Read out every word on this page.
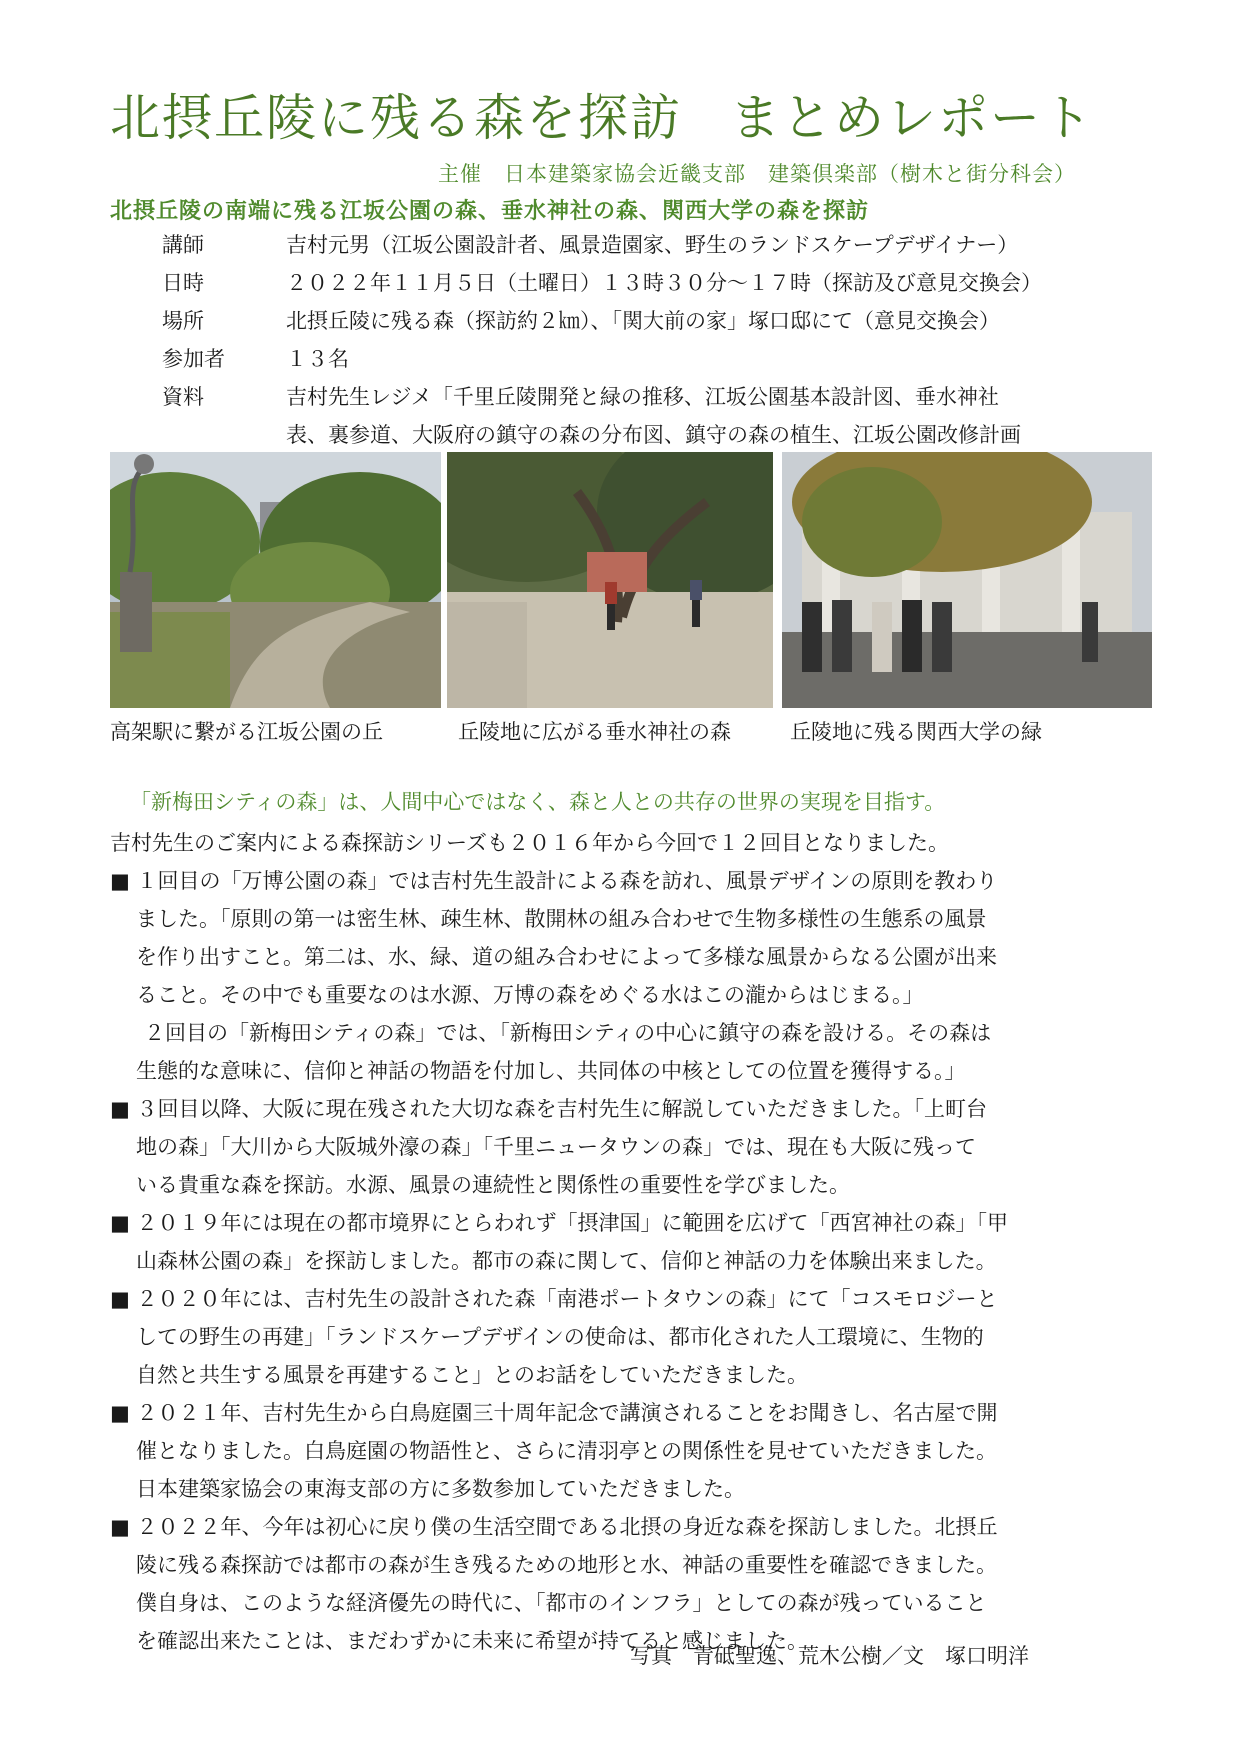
北摂丘陵に残る森を探訪 まとめレポート
主催　日本建築家協会近畿支部　建築倶楽部（樹木と街分科会）
北摂丘陵の南端に残る江坂公園の森、垂水神社の森、関西大学の森を探訪
講師	吉村元男（江坂公園設計者、風景造園家、野生のランドスケープデザイナー）
日時	２０２２年１１月５日（土曜日）１３時３０分～１７時（探訪及び意見交換会）
場所	北摂丘陵に残る森（探訪約２㎞）、「関大前の家」塚口邸にて（意見交換会）
参加者	１３名
資料	吉村先生レジメ「千里丘陵開発と緑の推移、江坂公園基本設計図、垂水神社
表、裏参道、大阪府の鎮守の森の分布図、鎮守の森の植生、江坂公園改修計画
高架駅に繋がる江坂公園の丘	丘陵地に広がる垂水神社の森	丘陵地に残る関西大学の緑
「新梅田シティの森」は、人間中心ではなく、森と人との共存の世界の実現を目指す。
吉村先生のご案内による森探訪シリーズも２０１６年から今回で１２回目となりました。
■ １回目の「万博公園の森」では吉村先生設計による森を訪れ、風景デザインの原則を教わり
ました。「原則の第一は密生林、疎生林、散開林の組み合わせで生物多様性の生態系の風景
を作り出すこと。第二は、水、緑、道の組み合わせによって多様な風景からなる公園が出来
ること。その中でも重要なのは水源、万博の森をめぐる水はこの瀧からはじまる。」
２回目の「新梅田シティの森」では、「新梅田シティの中心に鎮守の森を設ける。その森は
生態的な意味に、信仰と神話の物語を付加し、共同体の中核としての位置を獲得する。」
■ ３回目以降、大阪に現在残された大切な森を吉村先生に解説していただきました。「上町台
地の森」「大川から大阪城外濠の森」「千里ニュータウンの森」では、現在も大阪に残って
いる貴重な森を探訪。水源、風景の連続性と関係性の重要性を学びました。
■ ２０１９年には現在の都市境界にとらわれず「摂津国」に範囲を広げて「西宮神社の森」「甲
山森林公園の森」を探訪しました。都市の森に関して、信仰と神話の力を体験出来ました。
■ ２０２０年には、吉村先生の設計された森「南港ポートタウンの森」にて「コスモロジーと
しての野生の再建」「ランドスケープデザインの使命は、都市化された人工環境に、生物的
自然と共生する風景を再建すること」とのお話をしていただきました。
■ ２０２１年、吉村先生から白鳥庭園三十周年記念で講演されることをお聞きし、名古屋で開
催となりました。白鳥庭園の物語性と、さらに清羽亭との関係性を見せていただきました。
日本建築家協会の東海支部の方に多数参加していただきました。
■ ２０２２年、今年は初心に戻り僕の生活空間である北摂の身近な森を探訪しました。北摂丘
陵に残る森探訪では都市の森が生き残るための地形と水、神話の重要性を確認できました。
僕自身は、このような経済優先の時代に、「都市のインフラ」としての森が残っていること
を確認出来たことは、まだわずかに未来に希望が持てると感じました。
写真　青砥聖逸、荒木公樹／文　塚口明洋
